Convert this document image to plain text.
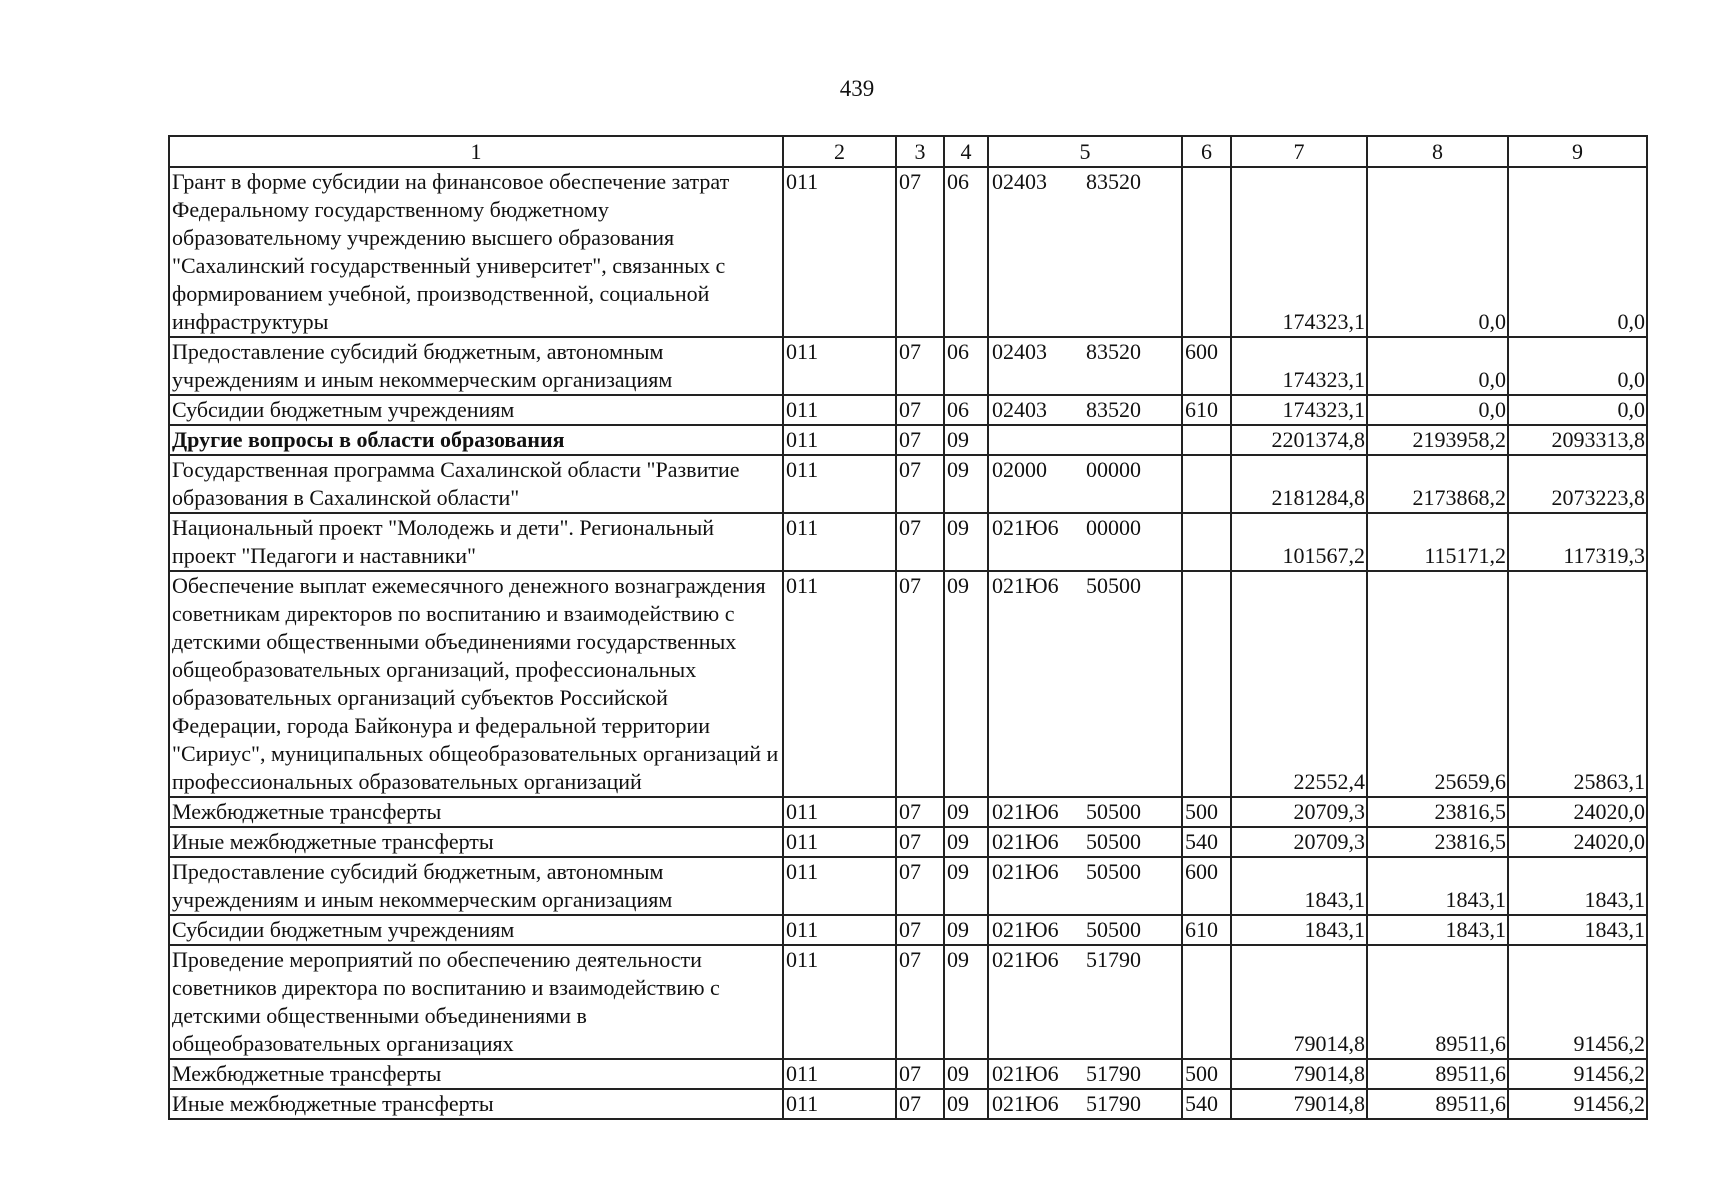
439
1	2	3	4	5	6	7	8	9
Грант в форме субсидии на финансовое обеспечение затрат Федеральному государственному бюджетному образовательному учреждению высшего образования "Сахалинский государственный университет", связанных с формированием учебной, производственной, социальной инфраструктуры	011	07	06	02403 83520		174323,1	0,0	0,0
Предоставление субсидий бюджетным, автономным учреждениям и иным некоммерческим организациям	011	07	06	02403 83520	600	174323,1	0,0	0,0
Субсидии бюджетным учреждениям	011	07	06	02403 83520	610	174323,1	0,0	0,0
Другие вопросы в области образования	011	07	09			2201374,8	2193958,2	2093313,8
Государственная программа Сахалинской области "Развитие образования в Сахалинской области"	011	07	09	02000 00000		2181284,8	2173868,2	2073223,8
Национальный проект "Молодежь и дети". Региональный проект "Педагоги и наставники"	011	07	09	021Ю6 00000		101567,2	115171,2	117319,3
Обеспечение выплат ежемесячного денежного вознаграждения советникам директоров по воспитанию и взаимодействию с детскими общественными объединениями государственных общеобразовательных организаций, профессиональных образовательных организаций субъектов Российской Федерации, города Байконура и федеральной территории "Сириус", муниципальных общеобразовательных организаций и профессиональных образовательных организаций	011	07	09	021Ю6 50500		22552,4	25659,6	25863,1
Межбюджетные трансферты	011	07	09	021Ю6 50500	500	20709,3	23816,5	24020,0
Иные межбюджетные трансферты	011	07	09	021Ю6 50500	540	20709,3	23816,5	24020,0
Предоставление субсидий бюджетным, автономным учреждениям и иным некоммерческим организациям	011	07	09	021Ю6 50500	600	1843,1	1843,1	1843,1
Субсидии бюджетным учреждениям	011	07	09	021Ю6 50500	610	1843,1	1843,1	1843,1
Проведение мероприятий по обеспечению деятельности советников директора по воспитанию и взаимодействию с детскими общественными объединениями в общеобразовательных организациях	011	07	09	021Ю6 51790		79014,8	89511,6	91456,2
Межбюджетные трансферты	011	07	09	021Ю6 51790	500	79014,8	89511,6	91456,2
Иные межбюджетные трансферты	011	07	09	021Ю6 51790	540	79014,8	89511,6	91456,2
